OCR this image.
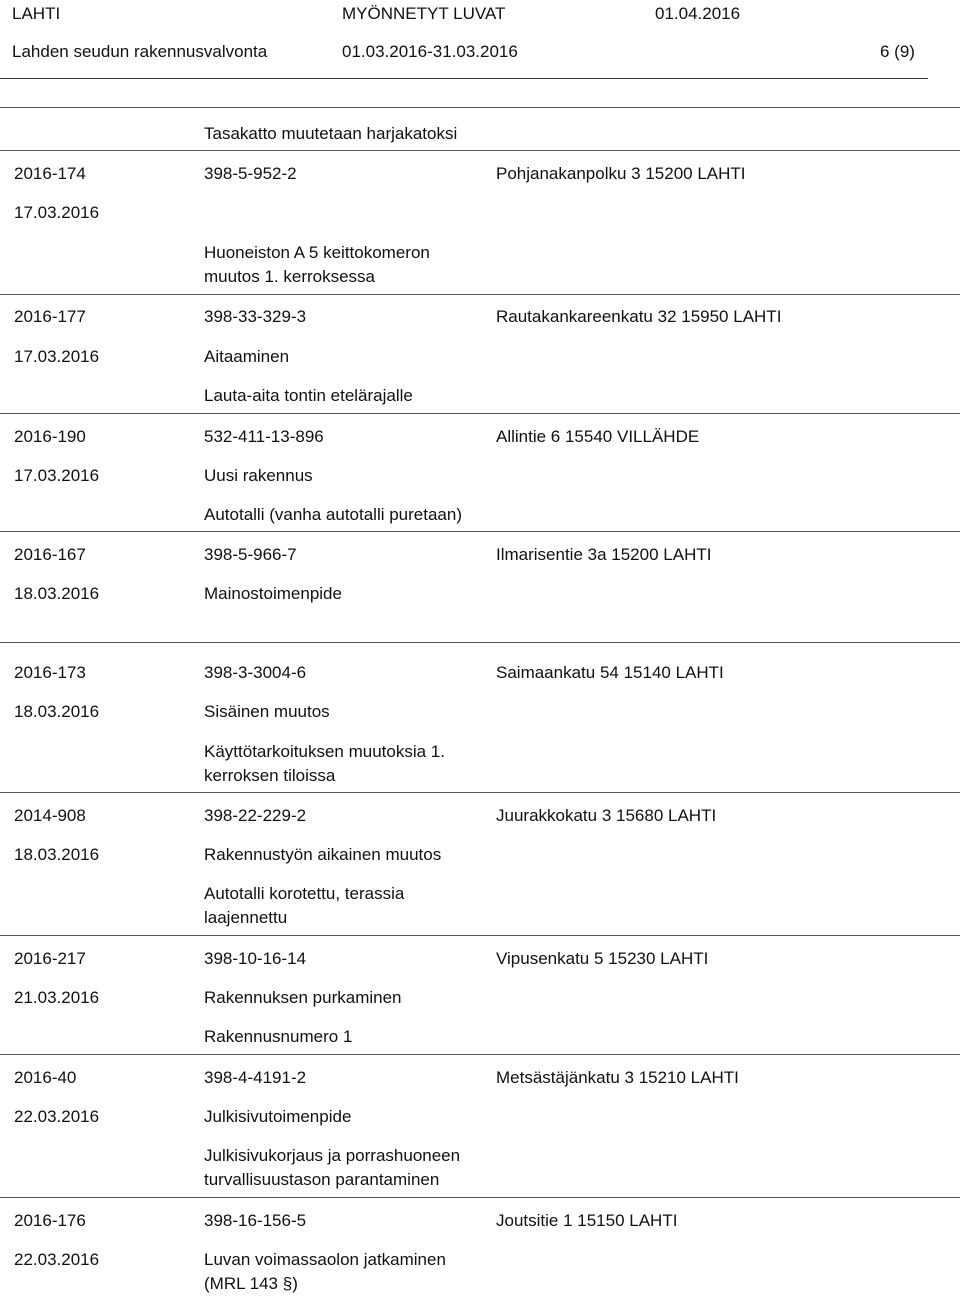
LAHTI	MYÖNNETYT LUVAT	01.04.2016
Lahden seudun rakennusvalvonta	01.03.2016-31.03.2016	6 (9)
Tasakatto muutetaan harjakatoksi
2016-174	398-5-952-2	Pohjanakanpolku 3 15200 LAHTI
17.03.2016
Huoneiston A 5 keittokomeron
muutos 1. kerroksessa
2016-177	398-33-329-3	Rautakankareenkatu 32 15950 LAHTI
17.03.2016	Aitaaminen
Lauta-aita tontin etelärajalle
2016-190	532-411-13-896	Allintie 6 15540 VILLÄHDE
17.03.2016	Uusi rakennus
Autotalli (vanha autotalli puretaan)
2016-167	398-5-966-7	Ilmarisentie 3a 15200 LAHTI
18.03.2016	Mainostoimenpide
2016-173	398-3-3004-6	Saimaankatu 54 15140 LAHTI
18.03.2016	Sisäinen muutos
Käyttötarkoituksen muutoksia 1.
kerroksen tiloissa
2014-908	398-22-229-2	Juurakkokatu 3 15680 LAHTI
18.03.2016	Rakennustyön aikainen muutos
Autotalli korotettu, terassia
laajennettu
2016-217	398-10-16-14	Vipusenkatu 5 15230 LAHTI
21.03.2016	Rakennuksen purkaminen
Rakennusnumero 1
2016-40	398-4-4191-2	Metsästäjänkatu 3 15210 LAHTI
22.03.2016	Julkisivutoimenpide
Julkisivukorjaus ja porrashuoneen
turvallisuustason parantaminen
2016-176	398-16-156-5	Joutsitie 1 15150 LAHTI
22.03.2016	Luvan voimassaolon jatkaminen
(MRL 143 §)
